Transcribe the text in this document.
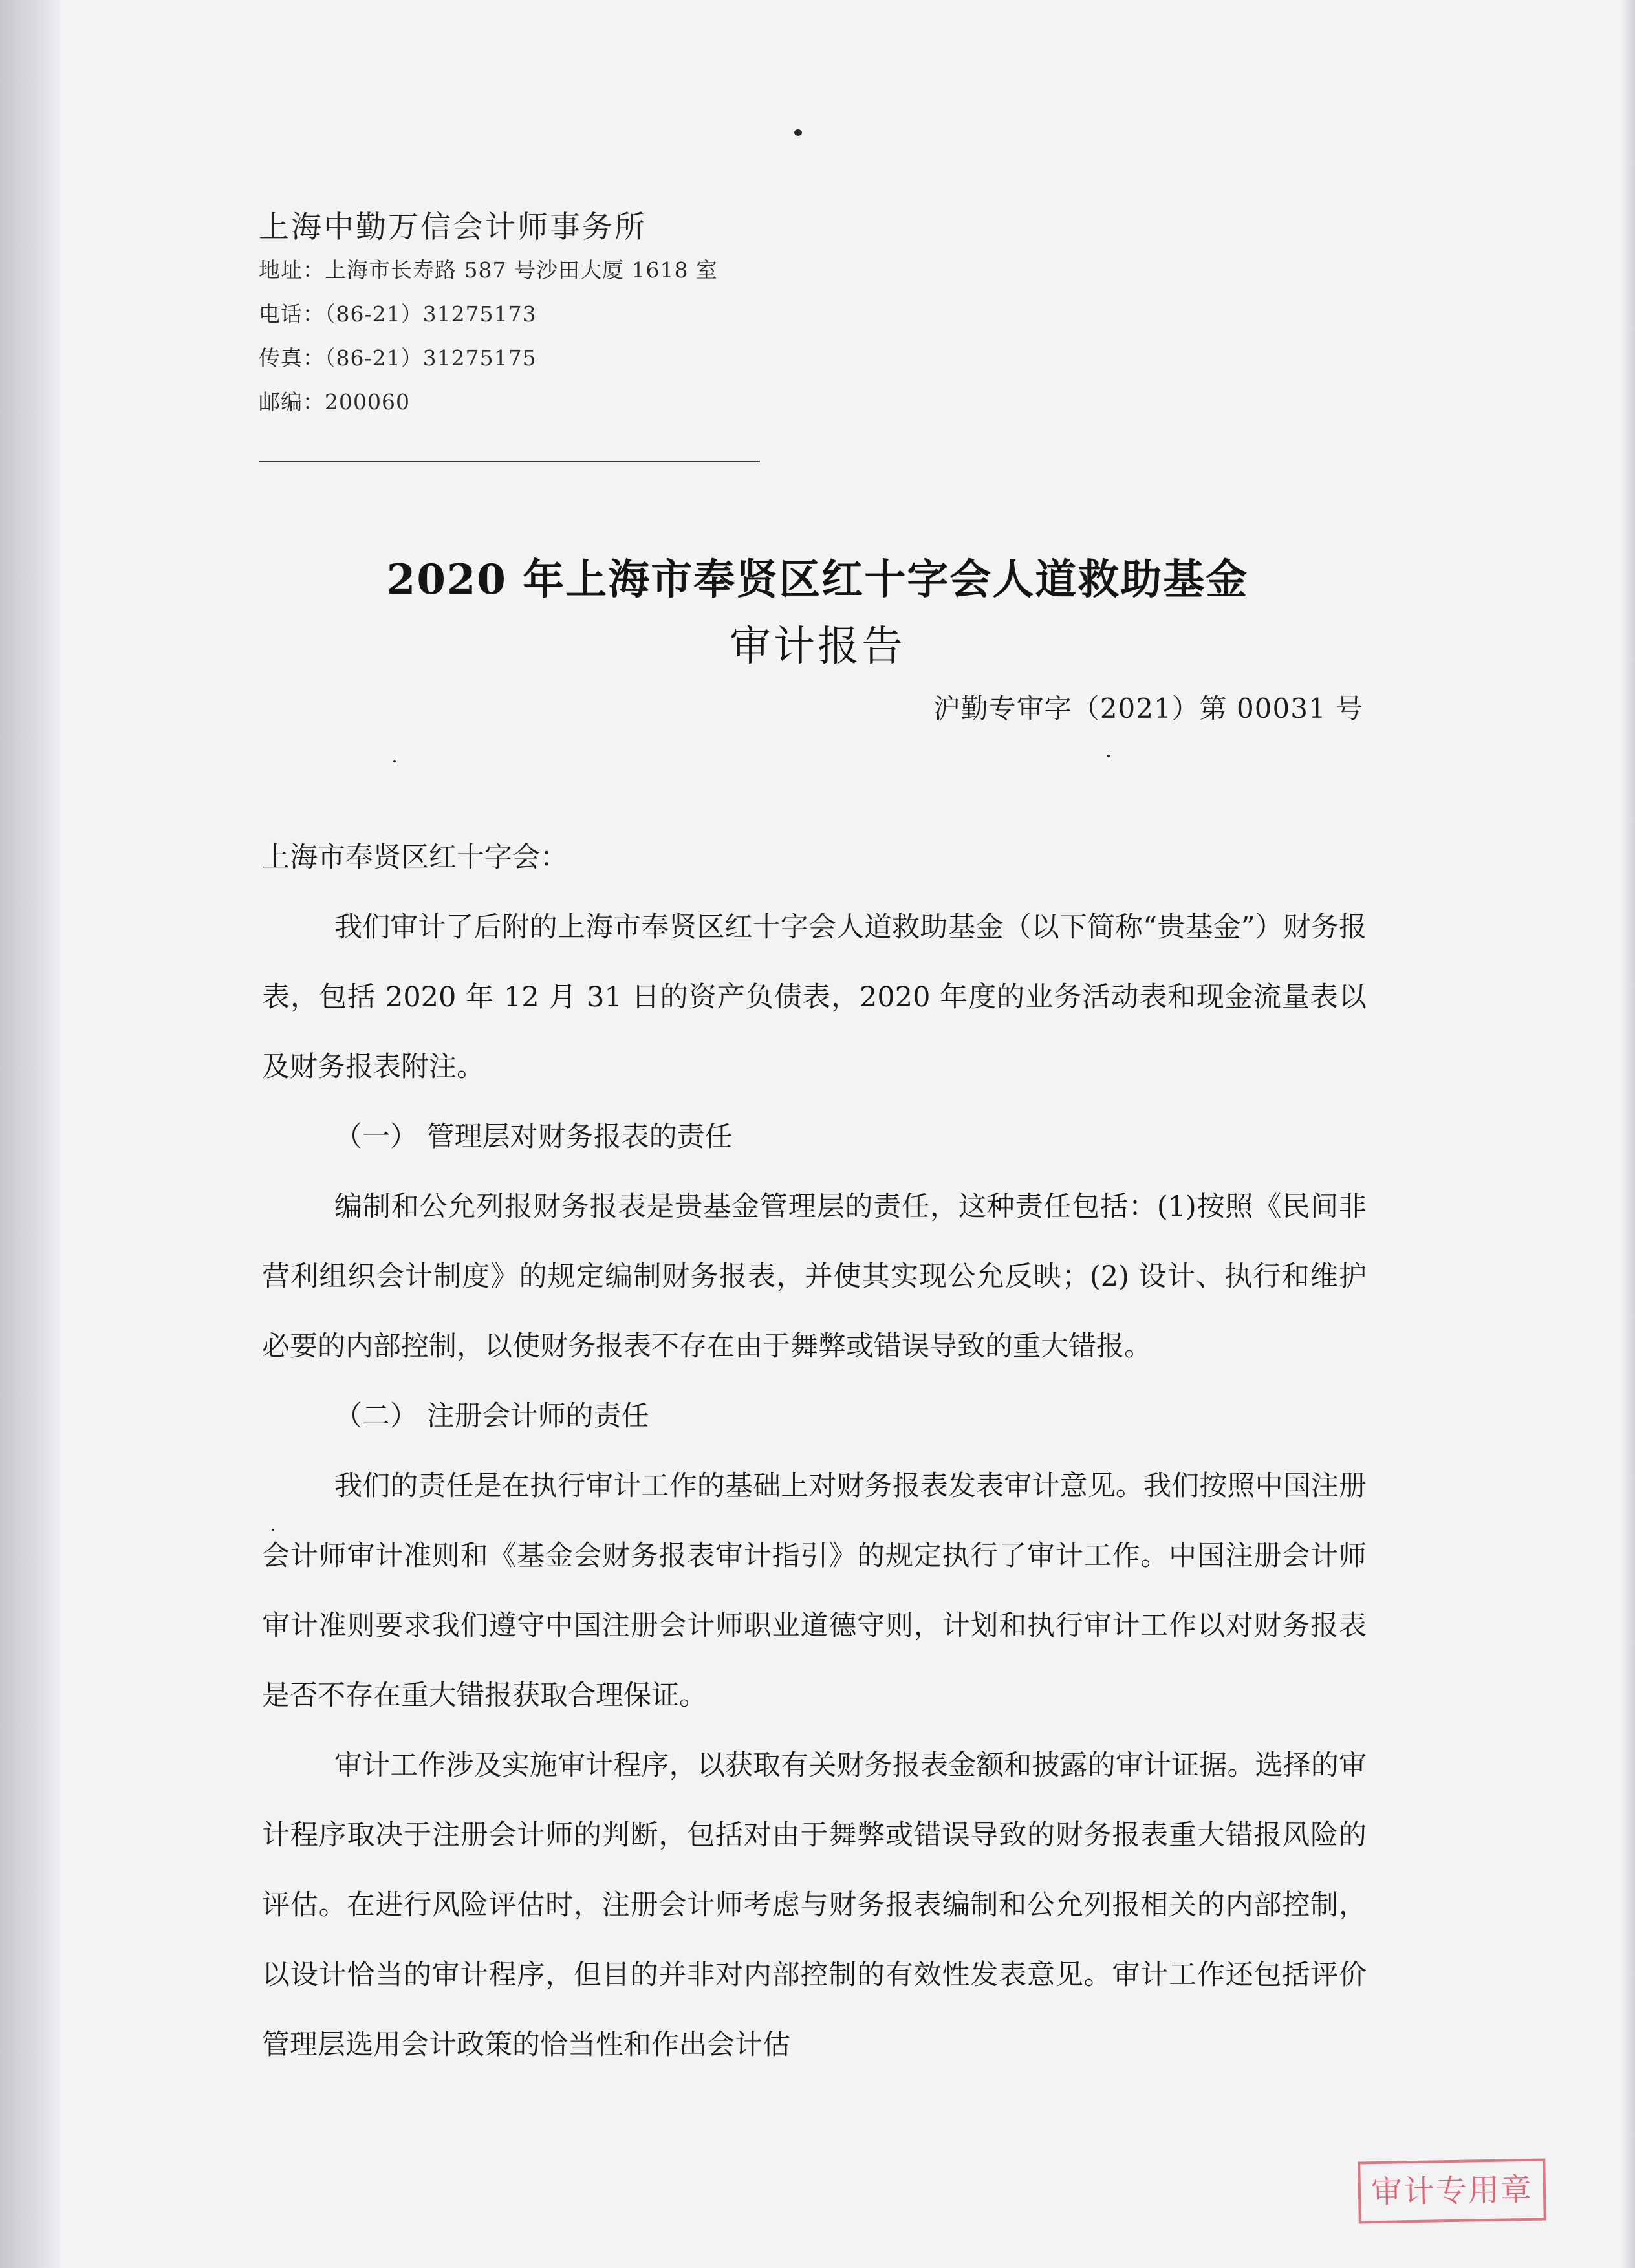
上海中勤万信会计师事务所
地址：上海市长寿路 587 号沙田大厦 1618 室
电话：（86-21）31275173
传真：（86-21）31275175
邮编：200060
2020 年上海市奉贤区红十字会人道救助基金
审计报告
沪勤专审字（2021）第 00031 号

上海市奉贤区红十字会：

我们审计了后附的上海市奉贤区红十字会人道救助基金（以下简称“贵基金”）财务报表，包括 2020 年 12 月 31 日的资产负债表，2020 年度的业务活动表和现金流量表以及财务报表附注。

（一） 管理层对财务报表的责任

编制和公允列报财务报表是贵基金管理层的责任，这种责任包括：(1)按照《民间非营利组织会计制度》的规定编制财务报表，并使其实现公允反映；(2) 设计、执行和维护必要的内部控制，以使财务报表不存在由于舞弊或错误导致的重大错报。

（二） 注册会计师的责任

我们的责任是在执行审计工作的基础上对财务报表发表审计意见。我们按照中国注册会计师审计准则和《基金会财务报表审计指引》的规定执行了审计工作。中国注册会计师审计准则要求我们遵守中国注册会计师职业道德守则，计划和执行审计工作以对财务报表是否不存在重大错报获取合理保证。

审计工作涉及实施审计程序，以获取有关财务报表金额和披露的审计证据。选择的审计程序取决于注册会计师的判断，包括对由于舞弊或错误导致的财务报表重大错报风险的评估。在进行风险评估时，注册会计师考虑与财务报表编制和公允列报相关的内部控制，以设计恰当的审计程序，但目的并非对内部控制的有效性发表意见。审计工作还包括评价管理层选用会计政策的恰当性和作出会计估

审计专用章
